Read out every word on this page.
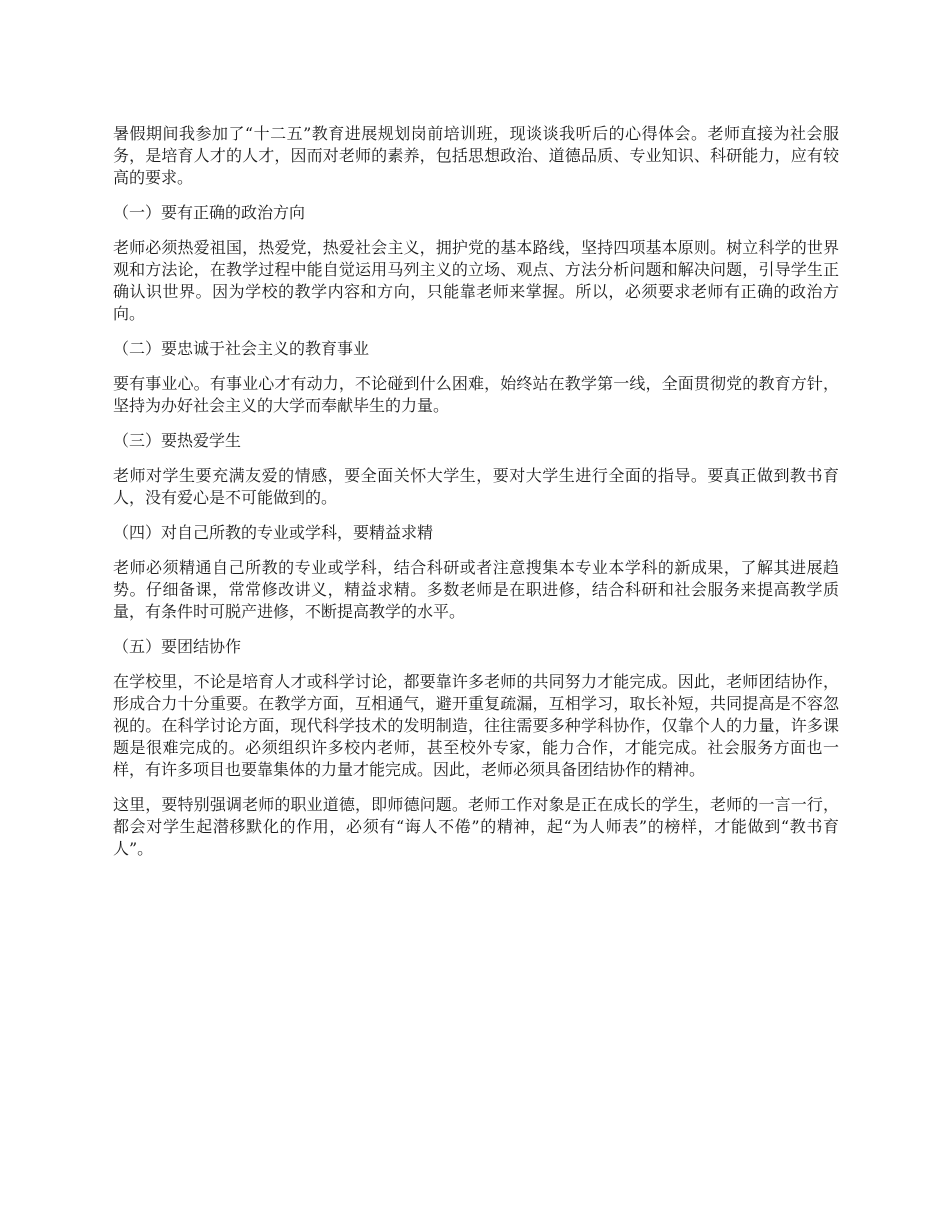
暑假期间我参加了“十二五”教育进展规划岗前培训班，现谈谈我听后的心得体会。老师直接为社会服务，是培育人才的人才，因而对老师的素养，包括思想政治、道德品质、专业知识、科研能力，应有较高的要求。

（一）要有正确的政治方向

老师必须热爱祖国，热爱党，热爱社会主义，拥护党的基本路线，坚持四项基本原则。树立科学的世界观和方法论，在教学过程中能自觉运用马列主义的立场、观点、方法分析问题和解决问题，引导学生正确认识世界。因为学校的教学内容和方向，只能靠老师来掌握。所以，必须要求老师有正确的政治方向。

（二）要忠诚于社会主义的教育事业

要有事业心。有事业心才有动力，不论碰到什么困难，始终站在教学第一线，全面贯彻党的教育方针，坚持为办好社会主义的大学而奉献毕生的力量。

（三）要热爱学生

老师对学生要充满友爱的情感，要全面关怀大学生，要对大学生进行全面的指导。要真正做到教书育人，没有爱心是不可能做到的。

（四）对自己所教的专业或学科，要精益求精

老师必须精通自己所教的专业或学科，结合科研或者注意搜集本专业本学科的新成果，了解其进展趋势。仔细备课，常常修改讲义，精益求精。多数老师是在职进修，结合科研和社会服务来提高教学质量，有条件时可脱产进修，不断提高教学的水平。

（五）要团结协作

在学校里，不论是培育人才或科学讨论，都要靠许多老师的共同努力才能完成。因此，老师团结协作，形成合力十分重要。在教学方面，互相通气，避开重复疏漏，互相学习，取长补短，共同提高是不容忽视的。在科学讨论方面，现代科学技术的发明制造，往往需要多种学科协作，仅靠个人的力量，许多课题是很难完成的。必须组织许多校内老师，甚至校外专家，能力合作，才能完成。社会服务方面也一样，有许多项目也要靠集体的力量才能完成。因此，老师必须具备团结协作的精神。

这里，要特别强调老师的职业道德，即师德问题。老师工作对象是正在成长的学生，老师的一言一行，都会对学生起潜移默化的作用，必须有“诲人不倦”的精神，起“为人师表”的榜样，才能做到“教书育人”。
